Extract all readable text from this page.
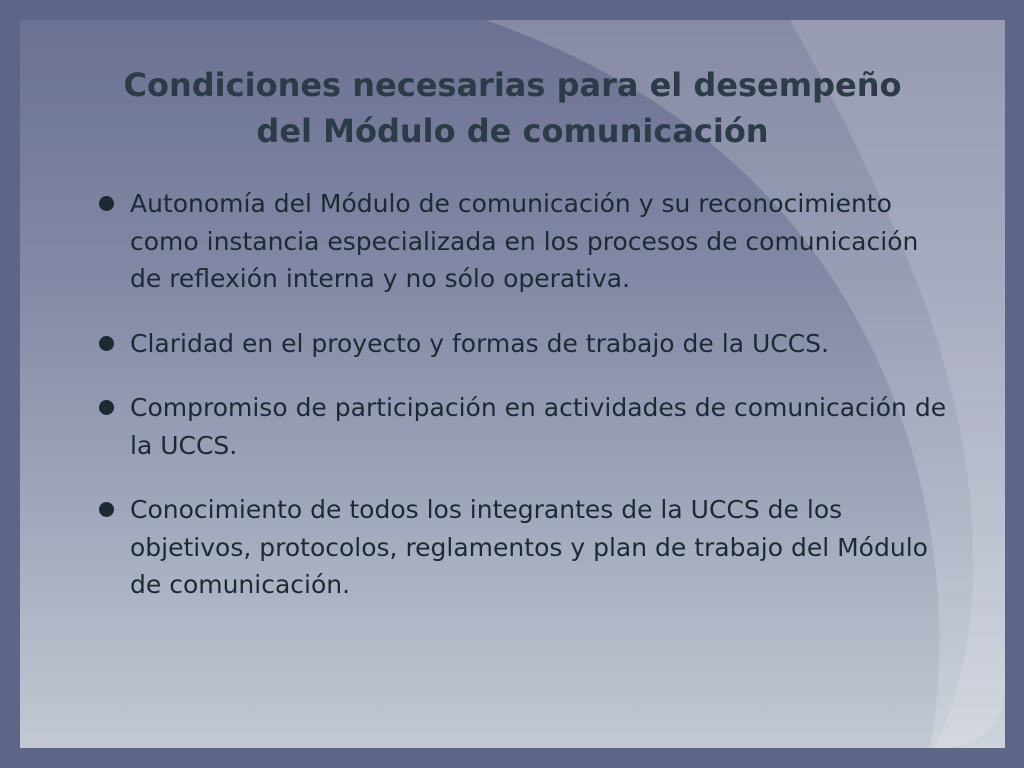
Condiciones necesarias para el desempeño
del Módulo de comunicación
Autonomía del Módulo de comunicación y su reconocimiento como instancia especializada en los procesos de comunicación de reflexión interna y no sólo operativa.
Claridad en el proyecto y formas de trabajo de la UCCS.
Compromiso de participación en actividades de comunicación de la UCCS.
Conocimiento de todos los integrantes de la UCCS de los objetivos, protocolos, reglamentos y plan de trabajo del Módulo de comunicación.
